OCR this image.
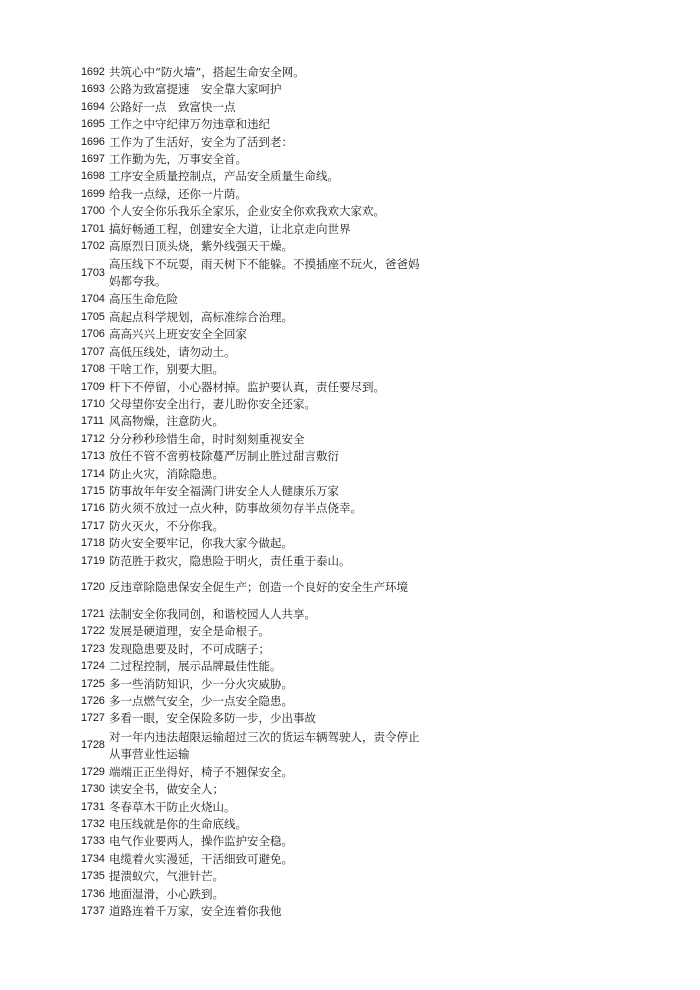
1692 共筑心中“防火墙”，搭起生命安全网。
1693 公路为致富提速　安全靠大家呵护
1694 公路好一点　致富快一点
1695 工作之中守纪律万勿违章和违纪
1696 工作为了生活好，安全为了活到老：
1697 工作勤为先，万事安全首。
1698 工序安全质量控制点，产品安全质量生命线。
1699 给我一点绿，还你一片荫。
1700 个人安全你乐我乐全家乐，企业安全你欢我欢大家欢。
1701 搞好畅通工程，创建安全大道，让北京走向世界
1702 高原烈日顶头烧，紫外线强天干燥。
1703
高压线下不玩耍，雨天树下不能躲。不摸插座不玩火，爸爸妈妈都夸我。
1704 高压生命危险
1705 高起点科学规划，高标准综合治理。
1706 高高兴兴上班安安全全回家
1707 高低压线处，请勿动土。
1708 干啥工作，别要大胆。
1709 杆下不停留，小心器材掉。监护要认真，责任要尽到。
1710 父母望你安全出行，妻儿盼你安全还家。
1711 风高物燥，注意防火。
1712 分分秒秒珍惜生命，时时刻刻重视安全
1713 放任不管不啻剪枝除蔓严厉制止胜过甜言敷衍
1714 防止火灾，消除隐患。
1715 防事故年年安全福满门讲安全人人健康乐万家
1716 防火须不放过一点火种，防事故须勿存半点侥幸。
1717 防火灭火，不分你我。
1718 防火安全要牢记，你我大家今做起。
1719 防范胜于救灾，隐患险于明火，责任重于泰山。
1720 反违章除隐患保安全促生产；创造一个良好的安全生产环境
1721 法制安全你我同创，和谐校园人人共享。
1722 发展是硬道理，安全是命根子。
1723 发现隐患要及时，不可成瞎子；
1724 二过程控制，展示品牌最佳性能。
1725 多一些消防知识，少一分火灾威胁。
1726 多一点燃气安全，少一点安全隐患。
1727 多看一眼，安全保险多防一步，少出事故
1728
对一年内违法超限运输超过三次的货运车辆驾驶人，责令停止从事营业性运输
1729 端端正正坐得好，椅子不翘保安全。
1730 读安全书，做安全人；
1731 冬春草木干防止火烧山。
1732 电压线就是你的生命底线。
1733 电气作业要两人，操作监护安全稳。
1734 电缆着火实漫延，干活细致可避免。
1735 提溃蚁穴，气泄针芒。
1736 地面湿滑，小心跌到。
1737 道路连着千万家，安全连着你我他
